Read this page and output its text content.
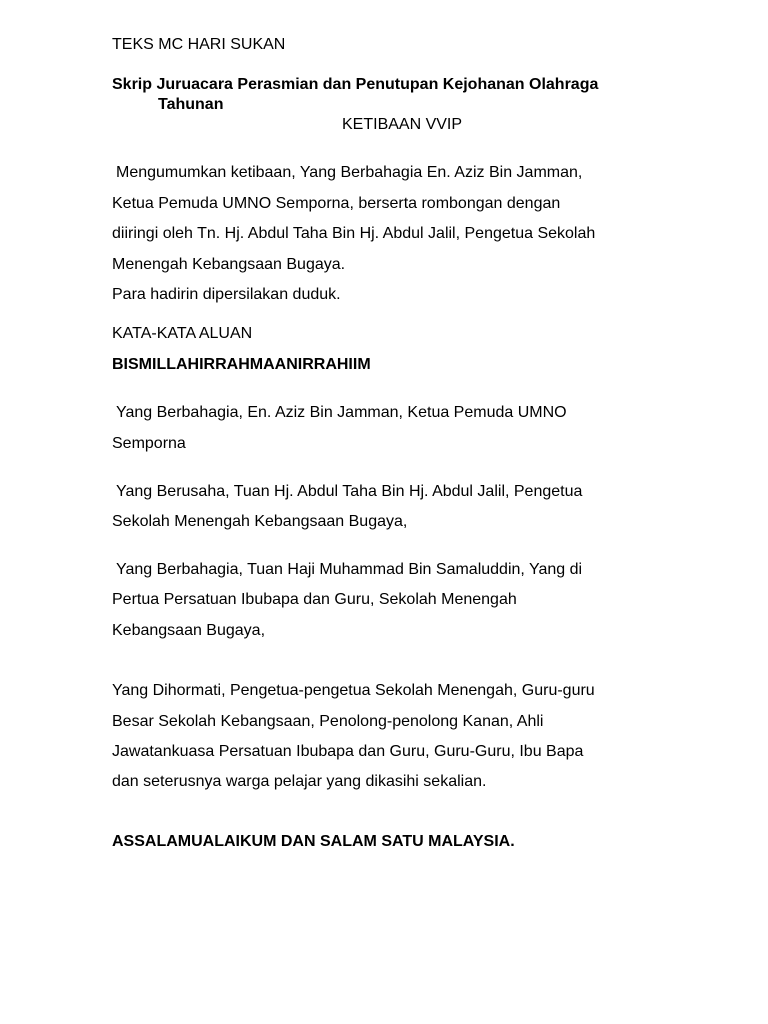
TEKS MC HARI SUKAN
Skrip Juruacara Perasmian dan Penutupan Kejohanan Olahraga
Tahunan
KETIBAAN VVIP
Mengumumkan ketibaan, Yang Berbahagia En. Aziz Bin Jamman,
Ketua Pemuda UMNO Semporna, berserta rombongan dengan
diiringi oleh Tn. Hj. Abdul Taha Bin Hj. Abdul Jalil, Pengetua Sekolah
Menengah Kebangsaan Bugaya.
Para hadirin dipersilakan duduk.
KATA-KATA ALUAN
BISMILLAHIRRAHMAANIRRAHIIM
Yang Berbahagia, En. Aziz Bin Jamman, Ketua Pemuda UMNO
Semporna
Yang Berusaha, Tuan Hj. Abdul Taha Bin Hj. Abdul Jalil, Pengetua
Sekolah Menengah Kebangsaan Bugaya,
Yang Berbahagia, Tuan Haji Muhammad Bin Samaluddin, Yang di
Pertua Persatuan Ibubapa dan Guru, Sekolah Menengah
Kebangsaan Bugaya,
Yang Dihormati, Pengetua-pengetua Sekolah Menengah, Guru-guru
Besar Sekolah Kebangsaan, Penolong-penolong Kanan, Ahli
Jawatankuasa Persatuan Ibubapa dan Guru, Guru-Guru, Ibu Bapa
dan seterusnya warga pelajar yang dikasihi sekalian.
ASSALAMUALAIKUM DAN SALAM SATU MALAYSIA.
